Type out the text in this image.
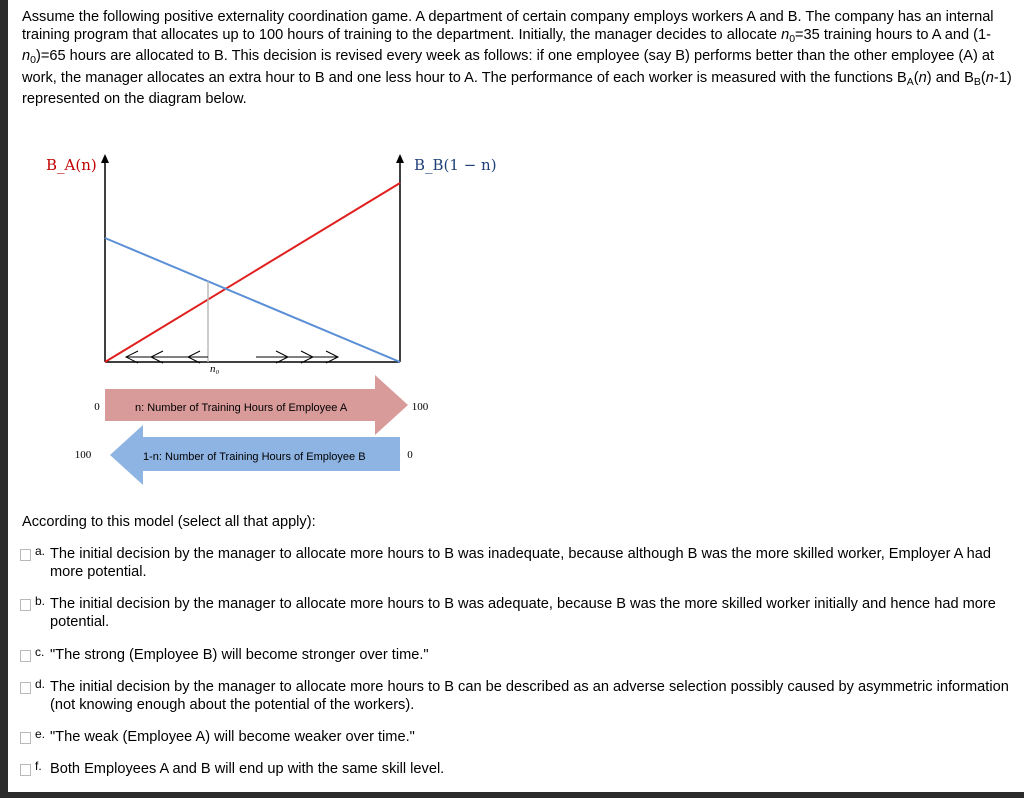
Assume the following positive externality coordination game. A department of certain company employs workers A and B. The company has an internal training program that allocates up to 100 hours of training to the department. Initially, the manager decides to allocate $n_0=35$ training hours to A and $(1-n_0)=65$ hours are allocated to B. This decision is revised every week as follows: if one employee (say B) performs better than the other employee (A) at work, the manager allocates an extra hour to B and one less hour to A. The performance of each worker is measured with the functions $B_A(n)$ and $B_B(n-1)$ represented on the diagram below.
n₀
B_A(n)	B_B(1 − n)
n: Number of Training Hours of Employee A
0	100
1-n: Number of Training Hours of Employee B
100	0
According to this model (select all that apply):
a. The initial decision by the manager to allocate more hours to B was inadequate, because although B was the more skilled worker, Employer A had more potential.
b. The initial decision by the manager to allocate more hours to B was adequate, because B was the more skilled worker initially and hence had more potential.
c. "The strong (Employee B) will become stronger over time."
d. The initial decision by the manager to allocate more hours to B can be described as an adverse selection possibly caused by asymmetric information (not knowing enough about the potential of the workers).
e. "The weak (Employee A) will become weaker over time."
f. Both Employees A and B will end up with the same skill level.
